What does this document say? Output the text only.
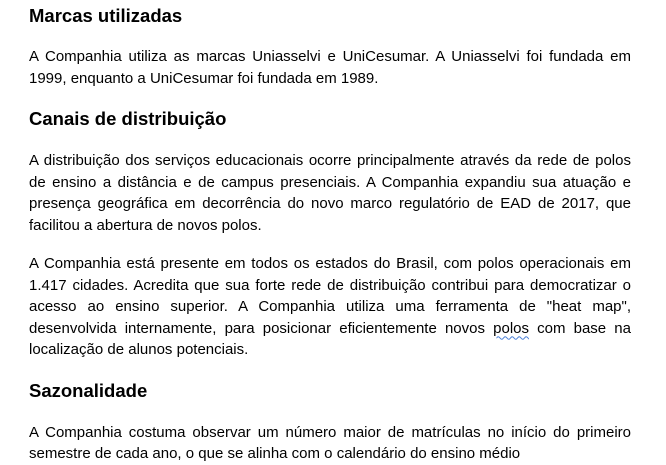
Marcas utilizadas

A Companhia utiliza as marcas Uniasselvi e UniCesumar. A Uniasselvi foi fundada em 1999, enquanto a UniCesumar foi fundada em 1989.

Canais de distribuição

A distribuição dos serviços educacionais ocorre principalmente através da rede de polos de ensino a distância e de campus presenciais. A Companhia expandiu sua atuação e presença geográfica em decorrência do novo marco regulatório de EAD de 2017, que facilitou a abertura de novos polos.

A Companhia está presente em todos os estados do Brasil, com polos operacionais em 1.417 cidades. Acredita que sua forte rede de distribuição contribui para democratizar o acesso ao ensino superior. A Companhia utiliza uma ferramenta de "heat map", desenvolvida internamente, para posicionar eficientemente novos polos com base na localização de alunos potenciais.

Sazonalidade

A Companhia costuma observar um número maior de matrículas no início do primeiro semestre de cada ano, o que se alinha com o calendário do ensino médio
